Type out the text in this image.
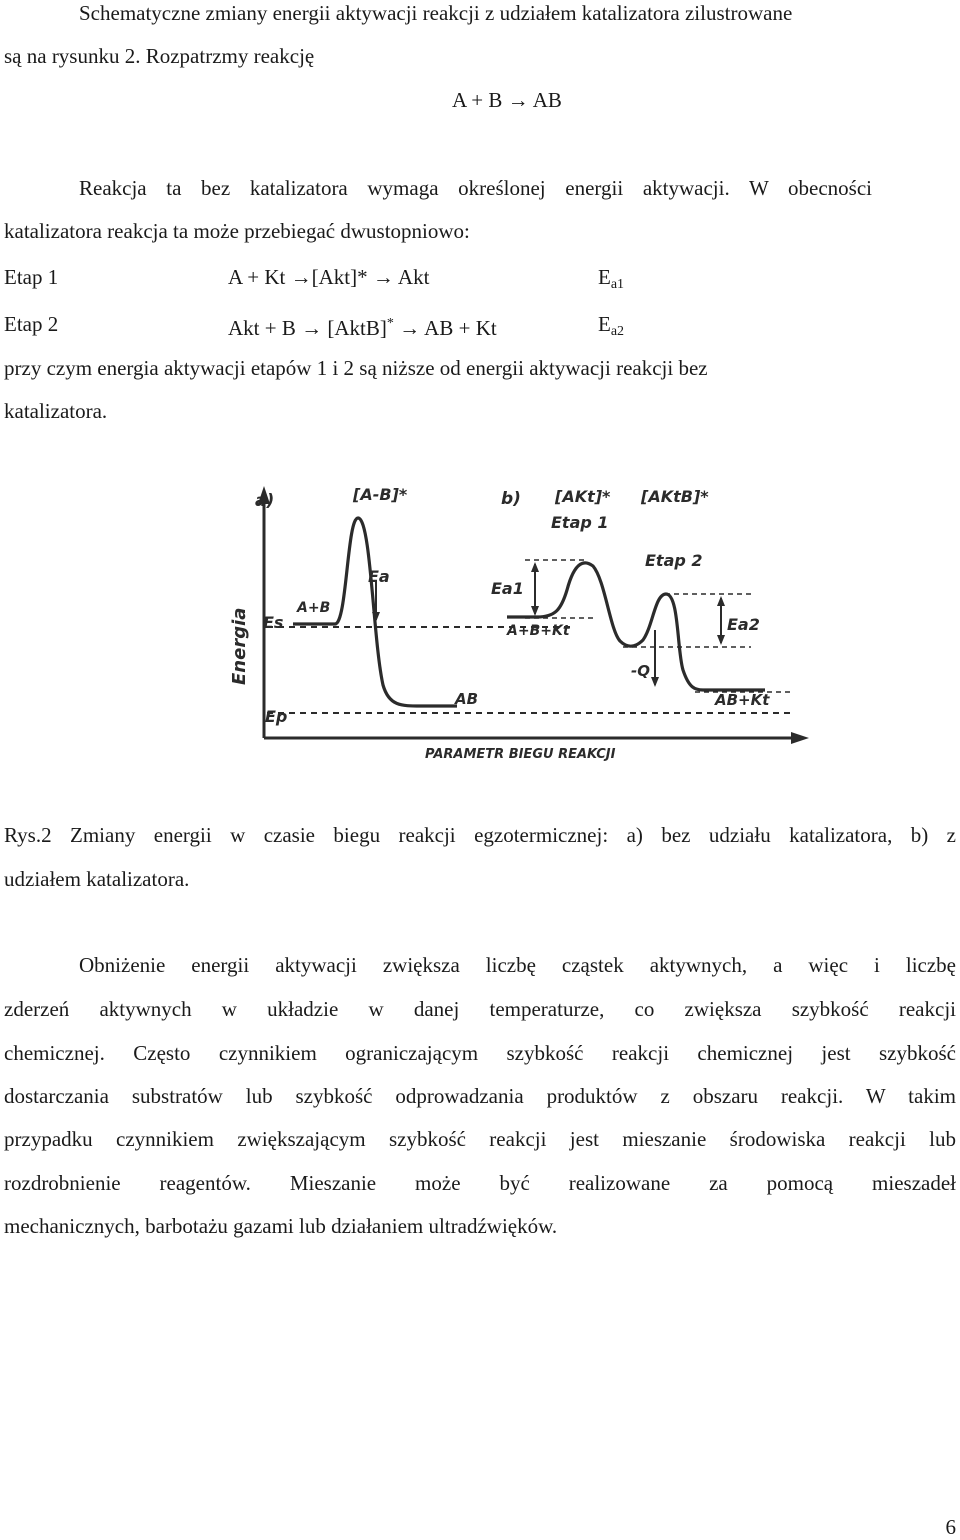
Schematyczne zmiany energii aktywacji reakcji z udziałem katalizatora zilustrowane
są na rysunku 2. Rozpatrzmy reakcję
A + B → AB
Reakcja ta bez katalizatora wymaga określonej energii aktywacji. W obecności
katalizatora reakcja ta może przebiegać dwustopniowo:
Etap 1	A + Kt →[Akt]* → Akt	$E_{a1}$
Etap 2	Akt + B → [AktB]* → AB + Kt	$E_{a2}$
przy czym energia aktywacji etapów 1 i 2 są niższe od energii aktywacji reakcji bez
katalizatora.
a)	b)
[A-B]*	[AKt]* [AKtB]*
Etap 1
Etap 2
Ea
Ea1
Ea2
A+B
A+B+Kt
AB	AB+Kt
Es
Ep
-Q
Energia
PARAMETR BIEGU REAKCJI
Rys.2 Zmiany energii w czasie biegu reakcji egzotermicznej: a) bez udziału katalizatora, b) z
udziałem katalizatora.
Obniżenie energii aktywacji zwiększa liczbę cząstek aktywnych, a więc i liczbę
zderzeń aktywnych w układzie w danej temperaturze, co zwiększa szybkość reakcji
chemicznej. Często czynnikiem ograniczającym szybkość reakcji chemicznej jest szybkość
dostarczania substratów lub szybkość odprowadzania produktów z obszaru reakcji. W takim
przypadku czynnikiem zwiększającym szybkość reakcji jest mieszanie środowiska reakcji lub
rozdrobnienie reagentów. Mieszanie może być realizowane za pomocą mieszadeł
mechanicznych, barbotażu gazami lub działaniem ultradźwięków.
6
